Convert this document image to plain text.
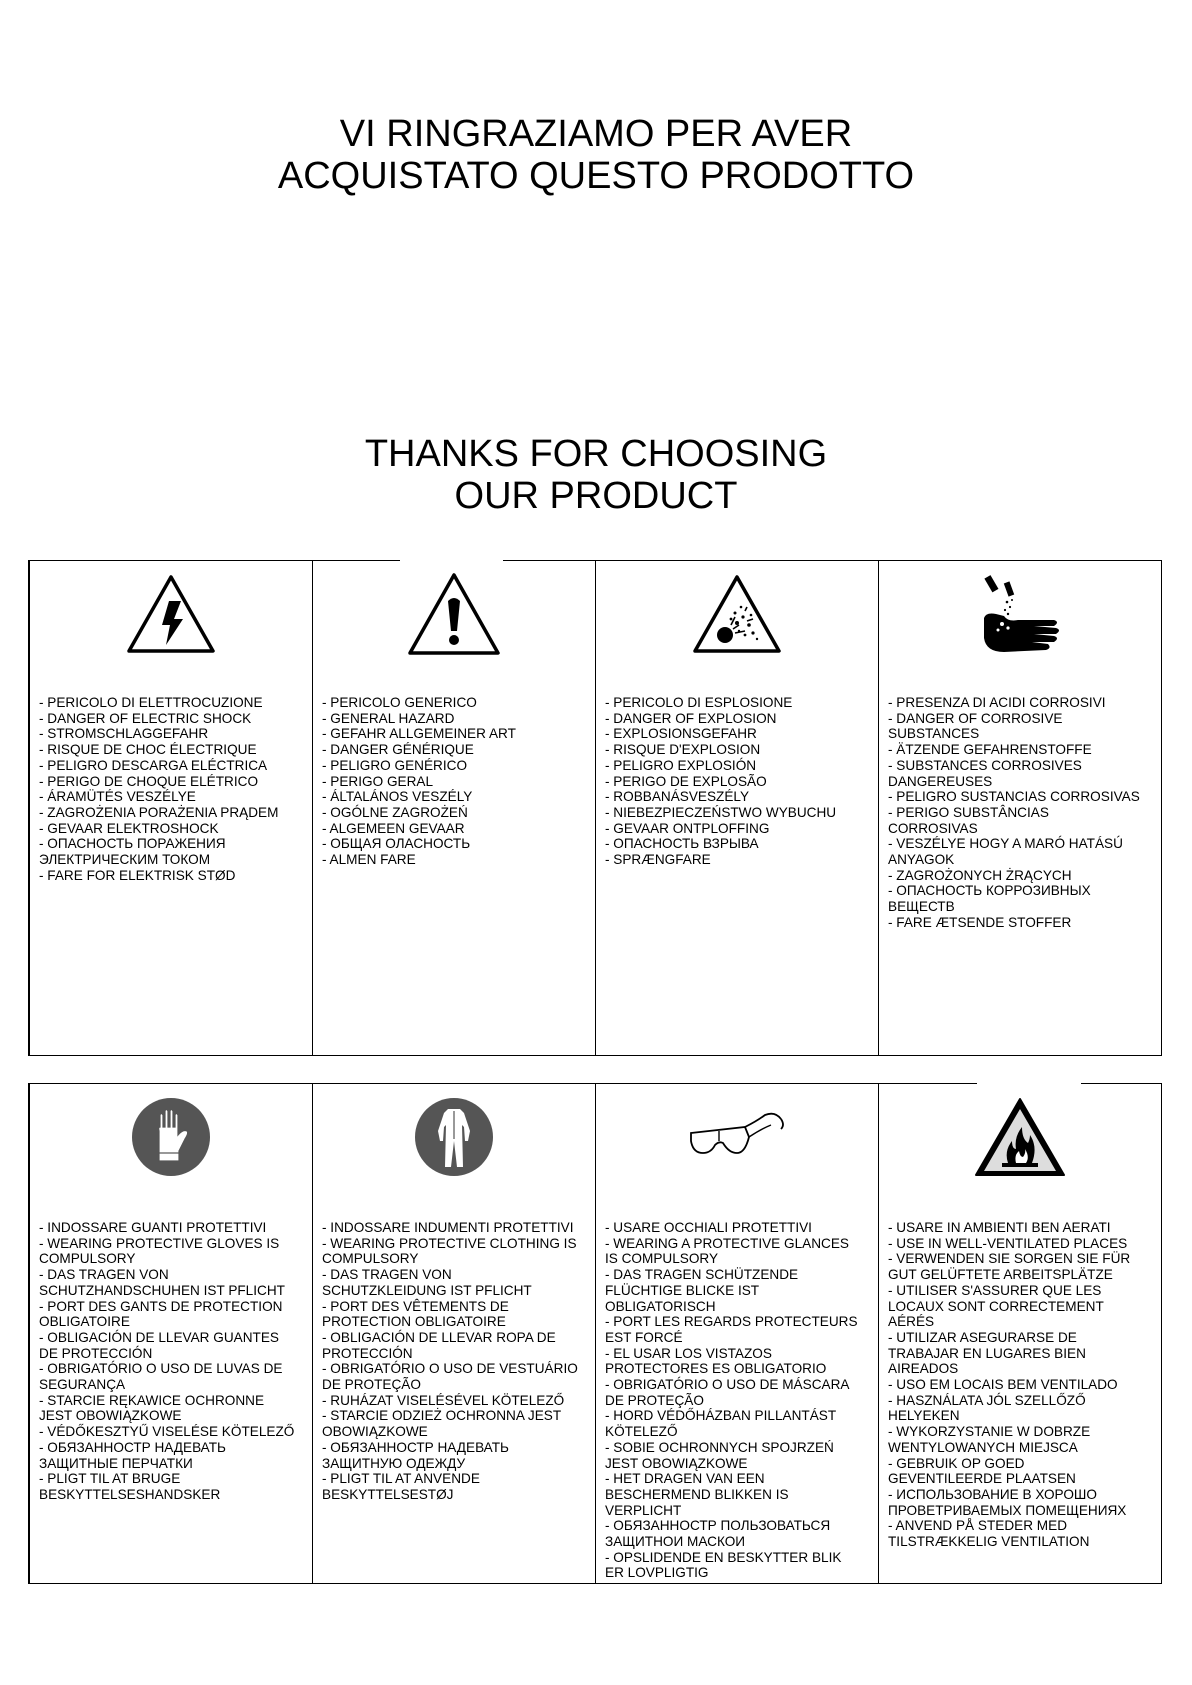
VI RINGRAZIAMO PER AVER
ACQUISTATO QUESTO PRODOTTO
THANKS FOR CHOOSING
OUR PRODUCT
- PERICOLO DI ELETTROCUZIONE
- DANGER OF ELECTRIC SHOCK
- STROMSCHLAGGEFAHR
- RISQUE DE CHOC ÉLECTRIQUE
- PELIGRO DESCARGA ELÉCTRICA
- PERIGO DE CHOQUE ELÉTRICO
- ÁRAMÜTÉS VESZÉLYE
- ZAGROŻENIA PORAŻENIA PRĄDEM
- GEVAAR ELEKTROSHOCK
- ОПАСНОСТЬ ПОРАЖЕНИЯ
ЭЛЕКТРИЧЕСКИМ ТОКОМ
- FARE FOR ELEKTRISK STØD
- PERICOLO GENERICO
- GENERAL HAZARD
- GEFAHR ALLGEMEINER ART
- DANGER GÉNÉRIQUE
- PELIGRO GENÉRICO
- PERIGO GERAL
- ÁLTALÁNOS VESZÉLY
- OGÓLNE ZAGROŻEŃ
- ALGEMEEN GEVAAR
- ОБЩАЯ ОЛАСНОСТЬ
- ALMEN FARE
- PERICOLO DI ESPLOSIONE
- DANGER OF EXPLOSION
- EXPLOSIONSGEFAHR
- RISQUE D'EXPLOSION
- PELIGRO EXPLOSIÓN
- PERIGO DE EXPLOSÃO
- ROBBANÁSVESZÉLY
- NIEBEZPIECZEŃSTWO WYBUCHU
- GEVAAR ONTPLOFFING
- ОПАСНОСТЬ ВЗРЫВА
- SPRÆNGFARE
- PRESENZA DI ACIDI CORROSIVI
- DANGER OF CORROSIVE
SUBSTANCES
- ÄTZENDE GEFAHRENSTOFFE
- SUBSTANCES CORROSIVES
DANGEREUSES
- PELIGRO SUSTANCIAS CORROSIVAS
- PERIGO SUBSTÂNCIAS
CORROSIVAS
- VESZÉLYE HOGY A MARÓ HATÁSÚ
ANYAGOK
- ZAGROŻONYCH ŻRĄCYCH
- ОПАСНОСТЬ КОРРОЗИВНЫХ
ВЕЩЕСТВ
- FARE ÆTSENDE STOFFER
- INDOSSARE GUANTI PROTETTIVI
- WEARING PROTECTIVE GLOVES IS
COMPULSORY
- DAS TRAGEN VON
SCHUTZHANDSCHUHEN IST PFLICHT
- PORT DES GANTS DE PROTECTION
OBLIGATOIRE
- OBLIGACIÓN DE LLEVAR GUANTES
DE PROTECCIÓN
- OBRIGATÓRIO O USO DE LUVAS DE
SEGURANÇA
- STARCIE RĘKAWICE OCHRONNE
JEST OBOWIĄZKOWE
- VÉDŐKESZTYŰ VISELÉSE KÖTELEZŐ
- ОБЯЗАННОСТР НАДЕВАТЬ
ЗАЩИТНЫЕ ПЕРЧАТКИ
- PLIGT TIL AT BRUGE
BESKYTTELSESHANDSKER
- INDOSSARE INDUMENTI PROTETTIVI
- WEARING PROTECTIVE CLOTHING IS
COMPULSORY
- DAS TRAGEN VON
SCHUTZKLEIDUNG IST PFLICHT
- PORT DES VÊTEMENTS DE
PROTECTION OBLIGATOIRE
- OBLIGACIÓN DE LLEVAR ROPA DE
PROTECCIÓN
- OBRIGATÓRIO O USO DE VESTUÁRIO
DE PROTEÇÃO
- RUHÁZAT VISELÉSÉVEL KÖTELEZŐ
- STARCIE ODZIEŻ OCHRONNA JEST
OBOWIĄZKOWE
- ОБЯЗАННОСТР НАДЕВАТЬ
ЗАЩИТНУЮ ОДЕЖДУ
- PLIGT TIL AT ANVENDE
BESKYTTELSESTØJ
- USARE OCCHIALI PROTETTIVI
- WEARING A PROTECTIVE GLANCES
IS COMPULSORY
- DAS TRAGEN SCHÜTZENDE
FLÜCHTIGE BLICKE IST
OBLIGATORISCH
- PORT LES REGARDS PROTECTEURS
EST FORCÉ
- EL USAR LOS VISTAZOS
PROTECTORES ES OBLIGATORIO
- OBRIGATÓRIO O USO DE MÁSCARA
DE PROTEÇÃO
- HORD VÉDŐHÁZBAN PILLANTÁST
KÖTELEZŐ
- SOBIE OCHRONNYCH SPOJRZEŃ
JEST OBOWIĄZKOWE
- HET DRAGEN VAN EEN
BESCHERMEND BLIKKEN IS
VERPLICHT
- ОБЯЗАННОСТР ПОЛЬЗОВАТЬСЯ
ЗАЩИТНОИ МАСКОИ
- OPSLIDENDE EN BESKYTTER BLIK
ER LOVPLIGTIG
- USARE IN AMBIENTI BEN AERATI
- USE IN WELL-VENTILATED PLACES
- VERWENDEN SIE SORGEN SIE FÜR
GUT GELÜFTETE ARBEITSPLÄTZE
- UTILISER S'ASSURER QUE LES
LOCAUX SONT CORRECTEMENT
AÉRÉS
- UTILIZAR ASEGURARSE DE
TRABAJAR EN LUGARES BIEN
AIREADOS
- USO EM LOCAIS BEM VENTILADO
- HASZNÁLATA JÓL SZELLŐZŐ
HELYEKEN
- WYKORZYSTANIE W DOBRZE
WENTYLOWANYCH MIEJSCA
- GEBRUIK OP GOED
GEVENTILEERDE PLAATSEN
- ИСПОЛЬЗОВАНИЕ В ХОРОШО
ПРОВЕТРИВАЕМЫХ ПОМЕЩЕНИЯХ
- ANVEND PÅ STEDER MED
TILSTRÆKKELIG VENTILATION
